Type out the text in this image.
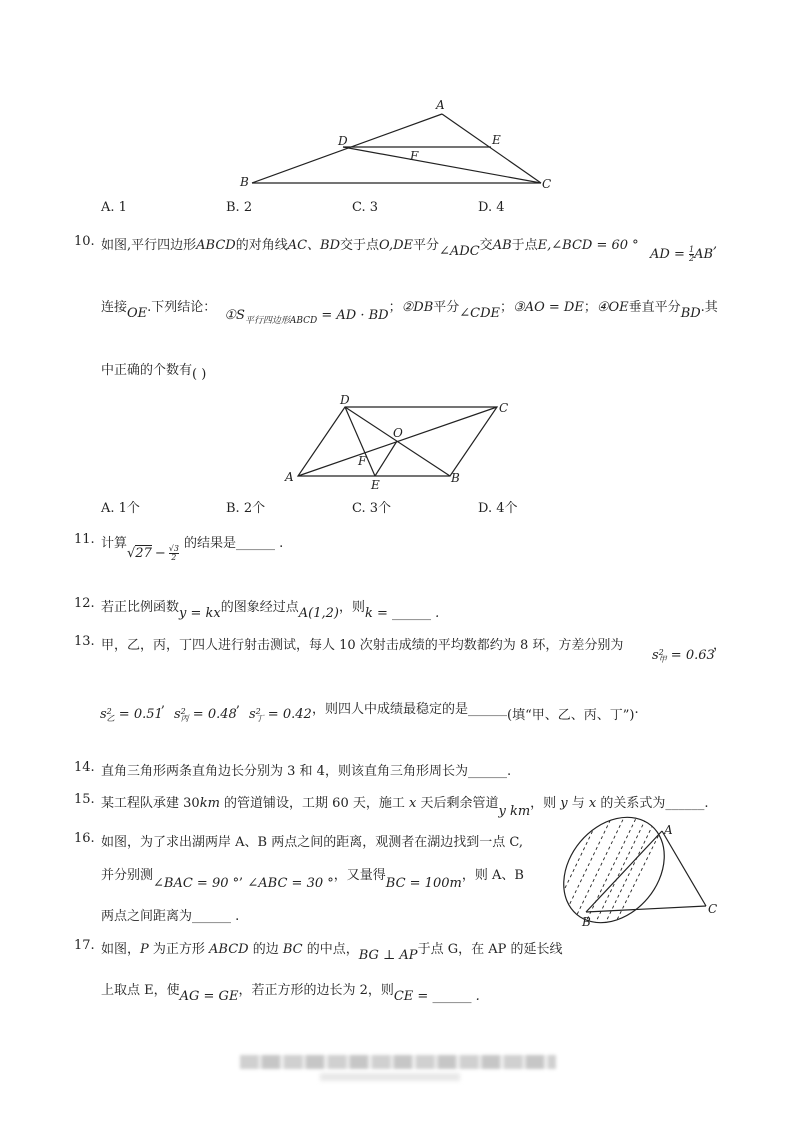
A
B	C
D	E
F
A. 1	B. 2	C. 3	D. 4
10. 如图,平行四边形ABCD的对角线AC、BD交于点O,DE平分∠ADC交AB于点E,∠BCD = 60 °
AD = $\frac{1}{2}$ AB,
连接OE.下列结论：$①S_{平行四边形ABCD}$ = AD · BD；②DB平分∠CDE；③AO = DE；④OE垂直平分BD.其
中正确的个数有( )
D
C
O
F
A
E	B
A. 1个	B. 2个	C. 3个	D. 4个
11. 计算
$√27 - \frac{√3}{2}$
的结果是______ .
12. 若正比例函数y = kx的图象经过点A(1,2)，则k = ______ .
13. 甲，乙，丙，丁四人进行射击测试，每人 10 次射击成绩的平均数都约为 8 环，方差分别为	，
s 2
甲 = 0.63
s 2
乙 = 0.51
,
s 2
丙 = 0.48
,
s 2
丁 = 0.42 ，则四人中成绩最稳定的是______(填“甲、乙、丙、丁”).
14. 直角三角形两条直角边长分别为 3 和 4，则该直角三角形周长为______.
15. 某工程队承建 30km 的管道铺设，工期 60 天，施工 x 天后剩余管道y km，则 y 与 x 的关系式为______.
16. 如图，为了求出湖两岸 A、B 两点之间的距离，观测者在湖边找到一点 C,
并分别测∠BAC = 90 °, ∠ABC = 30 °，又量得BC = 100m，则 A、B
两点之间距离为______ .
A
B
C
17. 如图，P 为正方形 ABCD 的边 BC 的中点，BG ⊥ AP于点 G，在 AP 的延长线
上取点 E，使AG = GE，若正方形的边长为 2，则CE = ______ .
